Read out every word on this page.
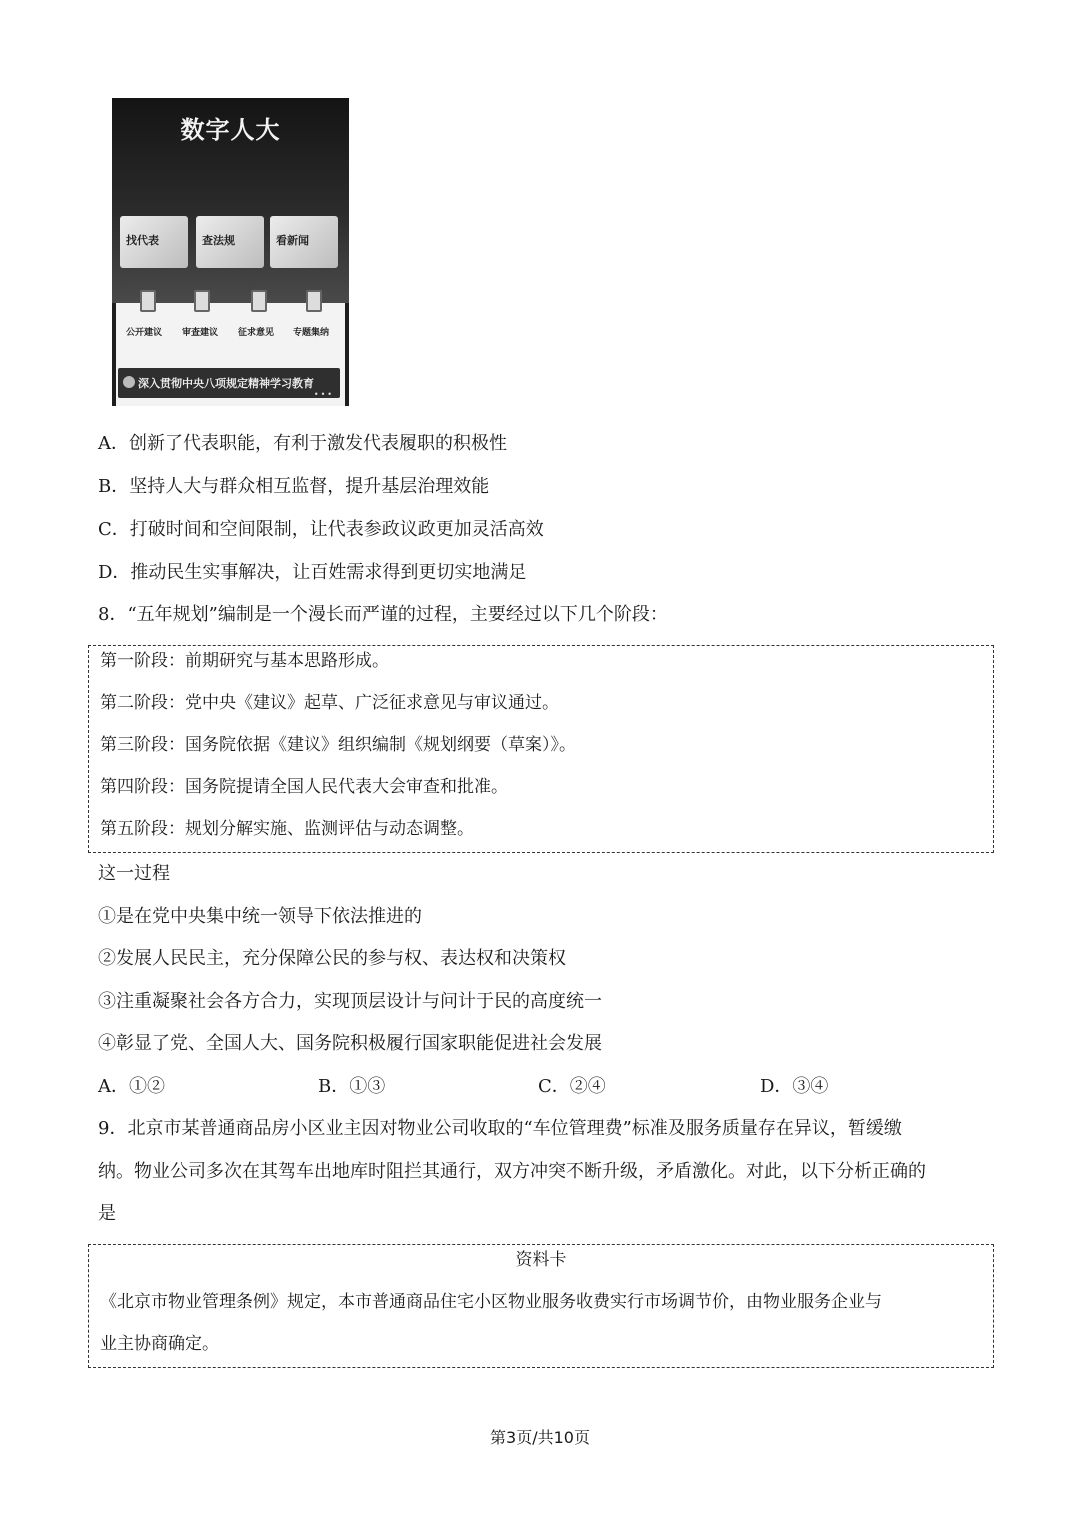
数字人大
找代表	查法规	看新闻
公开建议 审查建议 征求意见 专题集纳
深入贯彻中央八项规定精神学习教育
•••
A．创新了代表职能，有利于激发代表履职的积极性
B．坚持人大与群众相互监督，提升基层治理效能
C．打破时间和空间限制，让代表参政议政更加灵活高效
D．推动民生实事解决，让百姓需求得到更切实地满足
8．“五年规划”编制是一个漫长而严谨的过程，主要经过以下几个阶段：
第一阶段：前期研究与基本思路形成。
第二阶段：党中央《建议》起草、广泛征求意见与审议通过。
第三阶段：国务院依据《建议》组织编制《规划纲要（草案）》。
第四阶段：国务院提请全国人民代表大会审查和批准。
第五阶段：规划分解实施、监测评估与动态调整。
这一过程
①是在党中央集中统一领导下依法推进的
②发展人民民主，充分保障公民的参与权、表达权和决策权
③注重凝聚社会各方合力，实现顶层设计与问计于民的高度统一
④彰显了党、全国人大、国务院积极履行国家职能促进社会发展
A．①②	B．①③	C．②④	D．③④
9．北京市某普通商品房小区业主因对物业公司收取的“车位管理费”标准及服务质量存在异议，暂缓缴
纳。物业公司多次在其驾车出地库时阻拦其通行，双方冲突不断升级，矛盾激化。对此，以下分析正确的
是
资料卡
《北京市物业管理条例》规定，本市普通商品住宅小区物业服务收费实行市场调节价，由物业服务企业与
业主协商确定。
第3页/共10页
